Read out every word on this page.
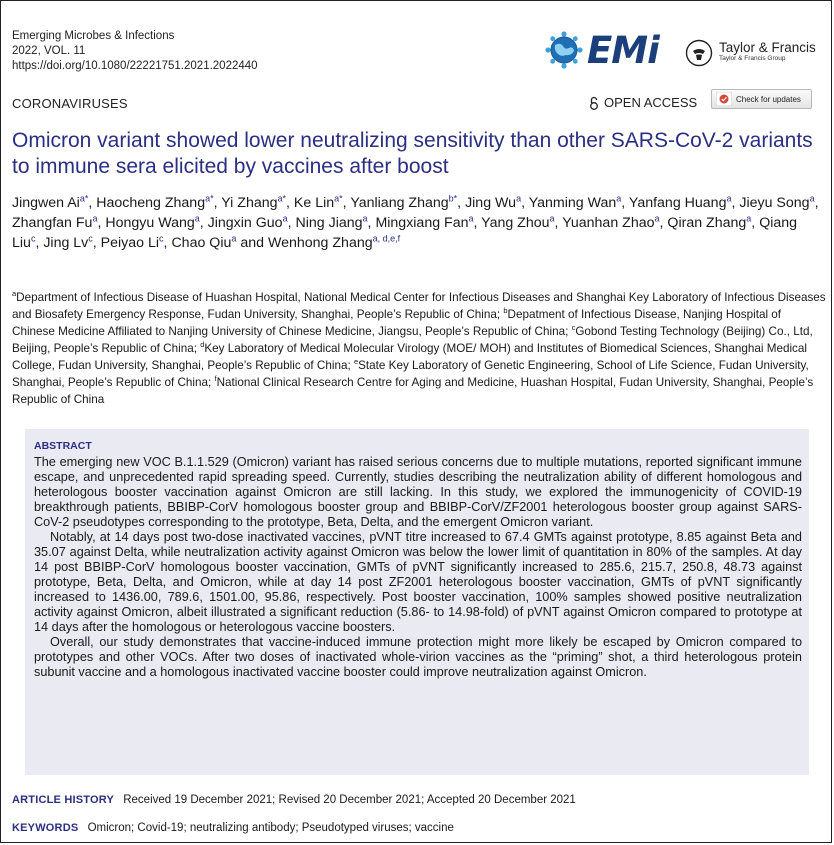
Emerging Microbes & Infections
2022, VOL. 11
https://doi.org/10.1080/22221751.2021.2022440	EMi	Taylor & Francis
Taylor & Francis Group
CORONAVIRUSES	OPEN ACCESS	Check for updates
Omicron variant showed lower neutralizing sensitivity than other SARS-CoV-2 variants to immune sera elicited by vaccines after boost
Jingwen $Ai^{a*}$, Haocheng Zhang$^{a*}$, Yi Zhang$^{a*}$, Ke Lin$^{a*}$, Yanliang Zhang$^{b*}$, Jing Wu$^a$, Yanming Wan$^a$, Yanfang Huang$^a$, Jieyu Song$^a$, Zhangfan Fu$^a$, Hongyu Wang$^a$, Jingxin Guo$^a$, Ning Jiang$^a$, Mingxiang Fan$^a$, Yang Zhou$^a$, Yuanhan Zhao$^a$, Qiran Zhang$^a$, Qiang Liu$^c$, Jing Lv$^c$, Peiyao Li$^c$, Chao Qiu$^a$ and Wenhong Zhang$^{a, d,e,f}$
$^a$Department of Infectious Disease of Huashan Hospital, National Medical Center for Infectious Diseases and Shanghai Key Laboratory of Infectious Diseases and Biosafety Emergency Response, Fudan University, Shanghai, People’s Republic of China; $^b$Depatment of Infectious Disease, Nanjing Hospital of Chinese Medicine Affiliated to Nanjing University of Chinese Medicine, Jiangsu, People’s Republic of China; $^c$Gobond Testing Technology (Beijing) Co., Ltd, Beijing, People’s Republic of China; $^d$Key Laboratory of Medical Molecular Virology (MOE/ MOH) and Institutes of Biomedical Sciences, Shanghai Medical College, Fudan University, Shanghai, People’s Republic of China; $^e$State Key Laboratory of Genetic Engineering, School of Life Science, Fudan University, Shanghai, People’s Republic of China; $^f$National Clinical Research Centre for Aging and Medicine, Huashan Hospital, Fudan University, Shanghai, People’s Republic of China
ABSTRACT

The emerging new VOC B.1.1.529 (Omicron) variant has raised serious concerns due to multiple mutations, reported significant immune escape, and unprecedented rapid spreading speed. Currently, studies describing the neutralization ability of different homologous and heterologous booster vaccination against Omicron are still lacking. In this study, we explored the immunogenicity of COVID-19 breakthrough patients, BBIBP-CorV homologous booster group and BBIBP-CorV/ZF2001 heterologous booster group against SARS-CoV-2 pseudotypes corresponding to the prototype, Beta, Delta, and the emergent Omicron variant.

Notably, at 14 days post two-dose inactivated vaccines, pVNT titre increased to 67.4 GMTs against prototype, 8.85 against Beta and 35.07 against Delta, while neutralization activity against Omicron was below the lower limit of quantitation in 80% of the samples. At day 14 post BBIBP-CorV homologous booster vaccination, GMTs of pVNT significantly increased to 285.6, 215.7, 250.8, 48.73 against prototype, Beta, Delta, and Omicron, while at day 14 post ZF2001 heterologous booster vaccination, GMTs of pVNT significantly increased to 1436.00, 789.6, 1501.00, 95.86, respectively. Post booster vaccination, 100% samples showed positive neutralization activity against Omicron, albeit illustrated a significant reduction (5.86- to 14.98-fold) of pVNT against Omicron compared to prototype at 14 days after the homologous or heterologous vaccine boosters.

Overall, our study demonstrates that vaccine-induced immune protection might more likely be escaped by Omicron compared to prototypes and other VOCs. After two doses of inactivated whole-virion vaccines as the “priming” shot, a third heterologous protein subunit vaccine and a homologous inactivated vaccine booster could improve neutralization against Omicron.

ARTICLE HISTORY Received 19 December 2021; Revised 20 December 2021; Accepted 20 December 2021
KEYWORDS Omicron; Covid-19; neutralizing antibody; Pseudotyped viruses; vaccine
